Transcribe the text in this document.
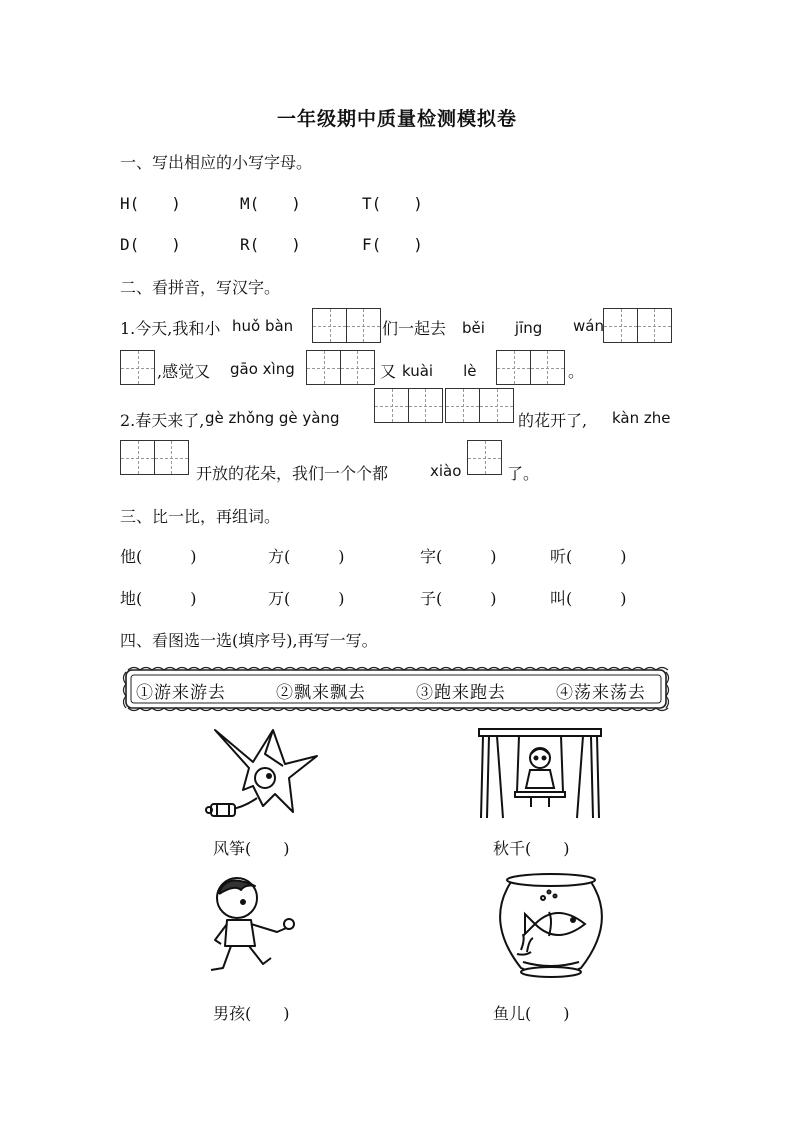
一年级期中质量检测模拟卷
一、写出相应的小写字母。
H(　　)	M(　　)	T(　　)
D(　　)	R(　　)	F(　　)
二、看拼音，写汉字。
1.今天,我和小 huǒ bàn	们一起去 běi　　jīng wán
,感觉又 gāo xìng	又 kuài　　lè	。
2.春天来了, gè zhǒng gè yàng	的花开了, kàn zhe
开放的花朵，我们一个个都	xiào	了。
三、比一比，再组词。
他(　　　)	方(　　　)	字(　　　)	听(　　　)
地(　　　)	万(　　　)	子(　　　)	叫(　　　)
四、看图选一选(填序号),再写一写。
①游来游去	②飘来飘去	③跑来跑去	④荡来荡去
风筝(　　)	秋千(　　)
男孩(　　)	鱼儿(　　)
